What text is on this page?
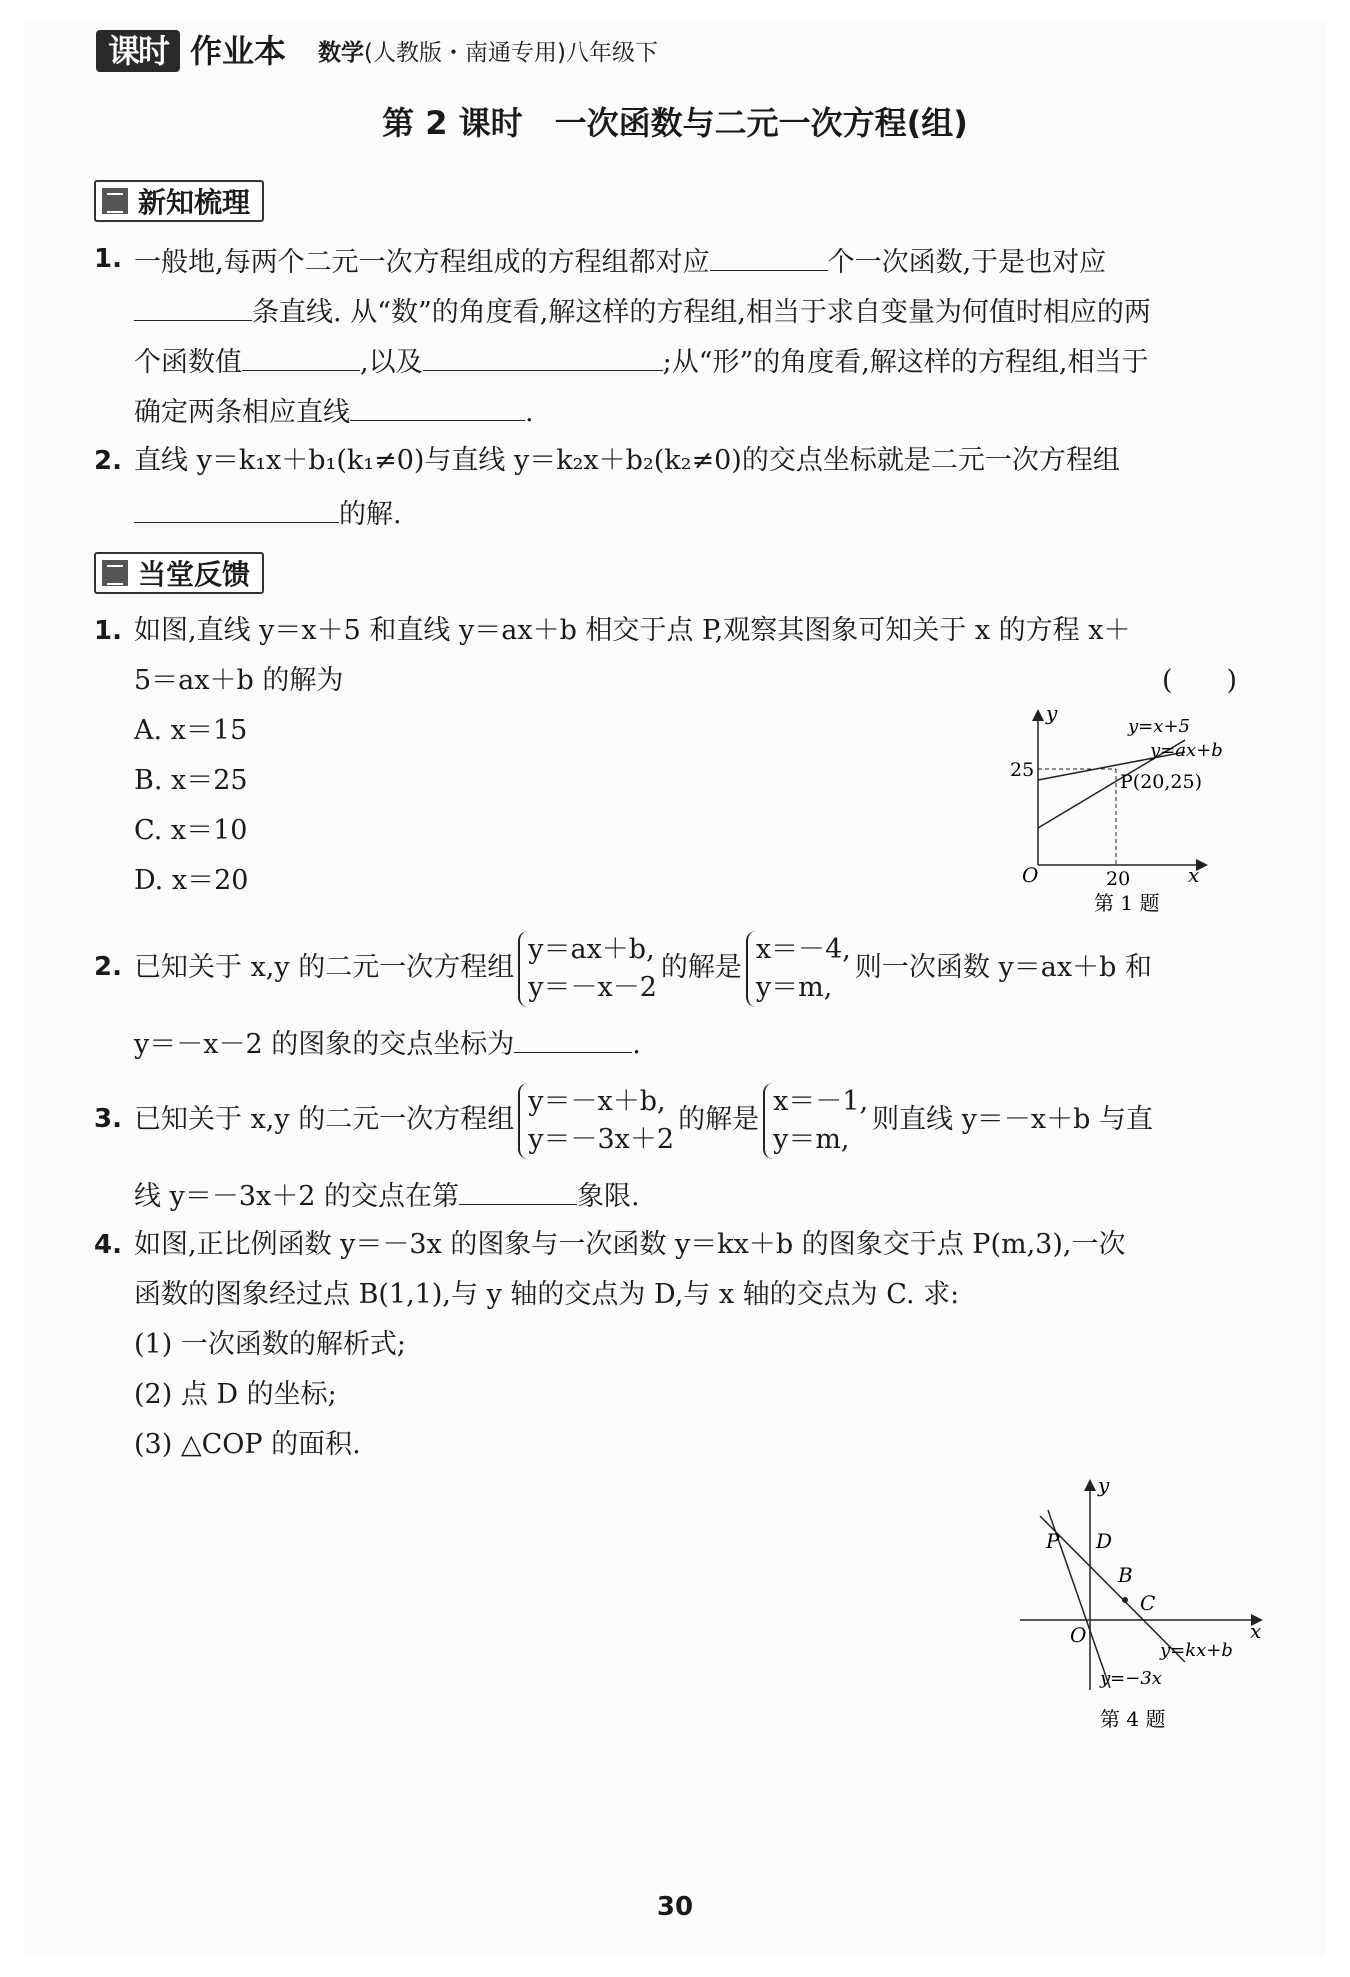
课时 作业本 数学(人教版・南通专用)八年级下
第 2 课时　一次函数与二元一次方程(组)
新知梳理
1. 一般地,每两个二元一次方程组成的方程组都对应	个一次函数,于是也对应
条直线. 从“数”的角度看,解这样的方程组,相当于求自变量为何值时相应的两
个函数值	,以及	;从“形”的角度看,解这样的方程组,相当于
确定两条相应直线	.
2. 直线 y＝k₁x＋b₁(k₁≠0)与直线 y＝k₂x＋b₂(k₂≠0)的交点坐标就是二元一次方程组
的解.
当堂反馈
1. 如图,直线 y＝x＋5 和直线 y＝ax＋b 相交于点 P,观察其图象可知关于 x 的方程 x＋
5＝ax＋b 的解为	(　　)
A. x＝15
B. x＝25
C. x＝10
D. x＝20
y
x
O
25
20
y=x+5
y=ax+b
P(20,25)
第 1 题
2. 已知关于 x,y 的二元一次方程组
y＝ax＋b,
y＝－x－2
的解是
x＝－4,
y＝m,
则一次函数 y＝ax＋b 和
y＝－x－2 的图象的交点坐标为	.
3. 已知关于 x,y 的二元一次方程组
y＝－x＋b,
y＝－3x＋2
的解是
x＝－1,
y＝m,
则直线 y＝－x＋b 与直
线 y＝－3x＋2 的交点在第	象限.
4. 如图,正比例函数 y＝－3x 的图象与一次函数 y＝kx＋b 的图象交于点 P(m,3),一次
函数的图象经过点 B(1,1),与 y 轴的交点为 D,与 x 轴的交点为 C. 求:
(1) 一次函数的解析式;
(2) 点 D 的坐标;
(3) △COP 的面积.
y
x
O
P D
B
C
y=kx+b
y=−3x
第 4 题
30
